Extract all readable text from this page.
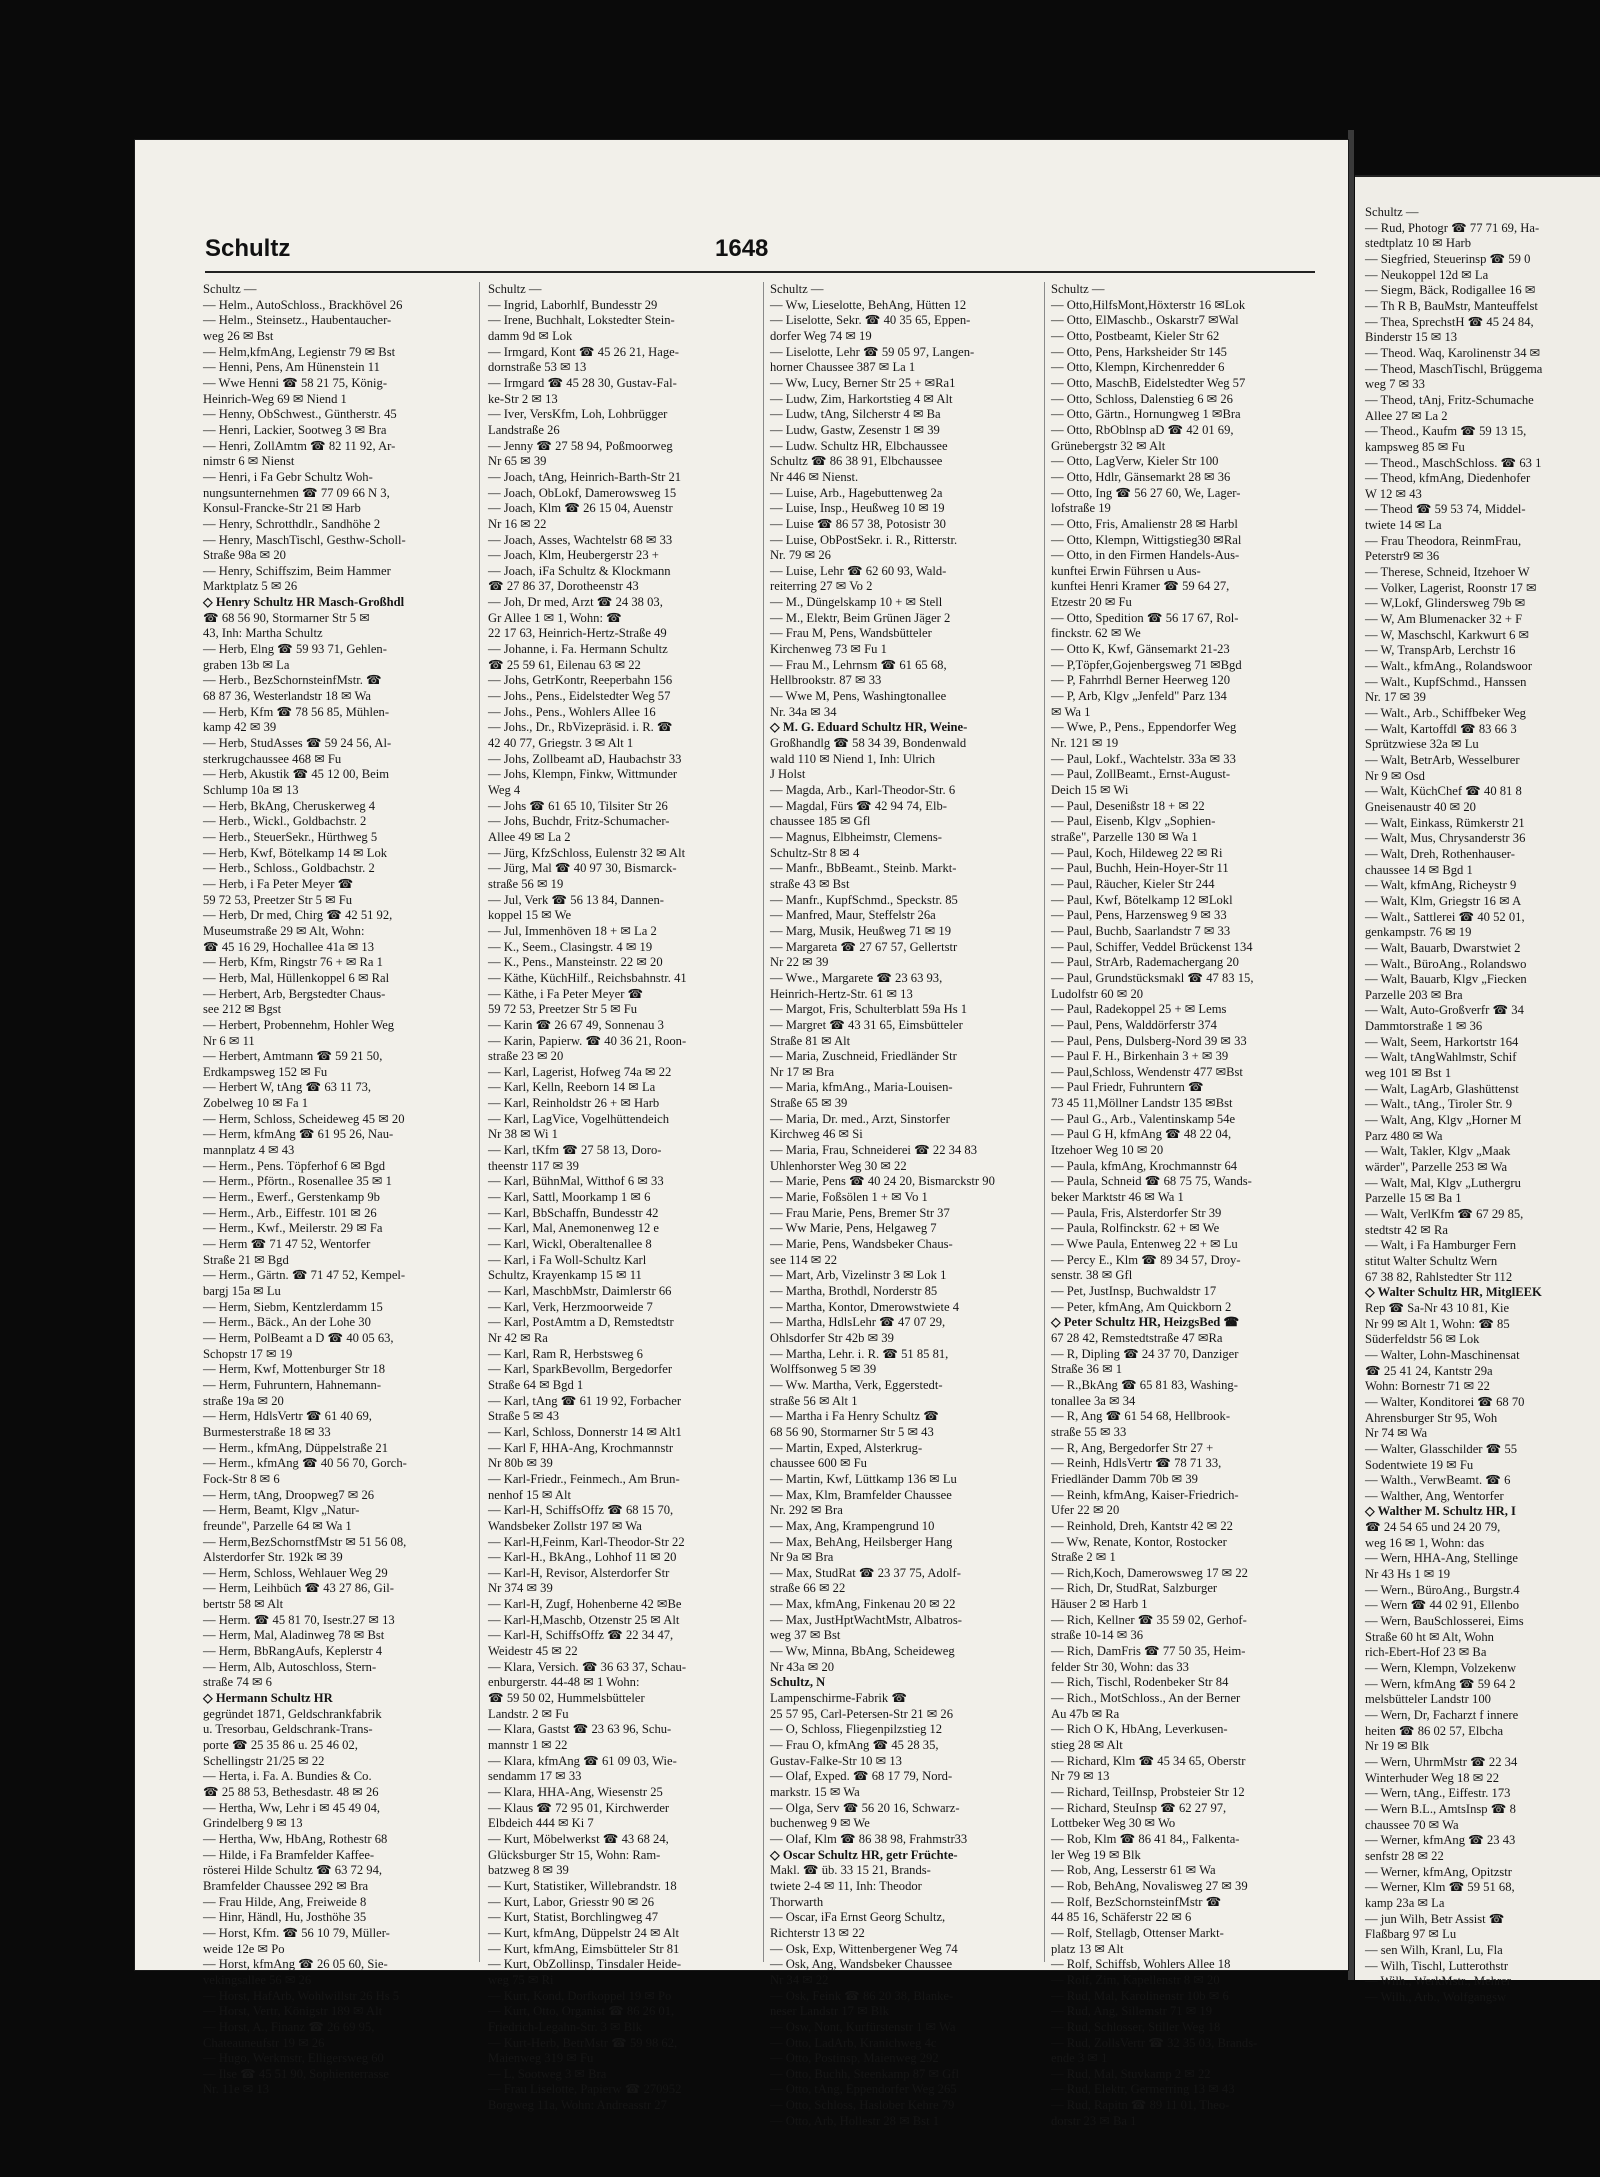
Schultz	1648
Schultz —
— Helm., AutoSchloss., Brackhövel 26
— Helm., Steinsetz., Haubentaucher-
weg 26 ✉ Bst
— Helm,kfmAng, Legienstr 79 ✉ Bst
— Henni, Pens, Am Hünenstein 11
— Wwe Henni ☎ 58 21 75, König-
Heinrich-Weg 69 ✉ Niend 1
— Henny, ObSchwest., Güntherstr. 45
— Henri, Lackier, Sootweg 3 ✉ Bra
— Henri, ZollAmtm ☎ 82 11 92, Ar-
nimstr 6 ✉ Nienst
— Henri, i Fa Gebr Schultz Woh-
nungsunternehmen ☎ 77 09 66 N 3,
Konsul-Francke-Str 21 ✉ Harb
— Henry, Schrotthdlr., Sandhöhe 2
— Henry, MaschTischl, Gesthw-Scholl-
Straße 98a ✉ 20
— Henry, Schiffszim, Beim Hammer
Marktplatz 5 ✉ 26
◇ Henry Schultz HR Masch-Großhdl
☎ 68 56 90, Stormarner Str 5 ✉
43, Inh: Martha Schultz
— Herb, Elng ☎ 59 93 71, Gehlen-
graben 13b ✉ La
— Herb., BezSchornsteinfMstr. ☎
68 87 36, Westerlandstr 18 ✉ Wa
— Herb, Kfm ☎ 78 56 85, Mühlen-
kamp 42 ✉ 39
— Herb, StudAsses ☎ 59 24 56, Al-
sterkrugchaussee 468 ✉ Fu
— Herb, Akustik ☎ 45 12 00, Beim
Schlump 10a ✉ 13
— Herb, BkAng, Cheruskerweg 4
— Herb., Wickl., Goldbachstr. 2
— Herb., SteuerSekr., Hürthweg 5
— Herb, Kwf, Bötelkamp 14 ✉ Lok
— Herb., Schloss., Goldbachstr. 2
— Herb, i Fa Peter Meyer ☎
59 72 53, Preetzer Str 5 ✉ Fu
— Herb, Dr med, Chirg ☎ 42 51 92,
Museumstraße 29 ✉ Alt, Wohn:
☎ 45 16 29, Hochallee 41a ✉ 13
— Herb, Kfm, Ringstr 76 + ✉ Ra 1
— Herb, Mal, Hüllenkoppel 6 ✉ Ral
— Herbert, Arb, Bergstedter Chaus-
see 212 ✉ Bgst
— Herbert, Probennehm, Hohler Weg
Nr 6 ✉ 11
— Herbert, Amtmann ☎ 59 21 50,
Erdkampsweg 152 ✉ Fu
— Herbert W, tAng ☎ 63 11 73,
Zobelweg 10 ✉ Fa 1
— Herm, Schloss, Scheideweg 45 ✉ 20
— Herm, kfmAng ☎ 61 95 26, Nau-
mannplatz 4 ✉ 43
— Herm., Pens. Töpferhof 6 ✉ Bgd
— Herm., Pförtn., Rosenallee 35 ✉ 1
— Herm., Ewerf., Gerstenkamp 9b
— Herm., Arb., Eiffestr. 101 ✉ 26
— Herm., Kwf., Meilerstr. 29 ✉ Fa
— Herm ☎ 71 47 52, Wentorfer
Straße 21 ✉ Bgd
— Herm., Gärtn. ☎ 71 47 52, Kempel-
bargj 15a ✉ Lu
— Herm, Siebm, Kentzlerdamm 15
— Herm., Bäck., An der Lohe 30
— Herm, PolBeamt a D ☎ 40 05 63,
Schopstr 17 ✉ 19
— Herm, Kwf, Mottenburger Str 18
— Herm, Fuhruntern, Hahnemann-
straße 19a ✉ 20
— Herm, HdlsVertr ☎ 61 40 69,
Burmesterstraße 18 ✉ 33
— Herm., kfmAng, Düppelstraße 21
— Herm., kfmAng ☎ 40 56 70, Gorch-
Fock-Str 8 ✉ 6
— Herm, tAng, Droopweg7 ✉ 26
— Herm, Beamt, Klgv „Natur-
freunde", Parzelle 64 ✉ Wa 1
— Herm,BezSchornstfMstr ✉ 51 56 08,
Alsterdorfer Str. 192k ✉ 39
— Herm, Schloss, Wehlauer Weg 29
— Herm, Leihbüch ☎ 43 27 86, Gil-
bertstr 58 ✉ Alt
— Herm. ☎ 45 81 70, Isestr.27 ✉ 13
— Herm, Mal, Aladinweg 78 ✉ Bst
— Herm, BbRangAufs, Keplerstr 4
— Herm, Alb, Autoschloss, Stern-
straße 74 ✉ 6
◇ Hermann Schultz HR
gegründet 1871, Geldschrankfabrik
u. Tresorbau, Geldschrank-Trans-
porte ☎ 25 35 86 u. 25 46 02,
Schellingstr 21/25 ✉ 22
— Herta, i. Fa. A. Bundies & Co.
☎ 25 88 53, Bethesdastr. 48 ✉ 26
— Hertha, Ww, Lehr i ✉ 45 49 04,
Grindelberg 9 ✉ 13
— Hertha, Ww, HbAng, Rothestr 68
— Hilde, i Fa Bramfelder Kaffee-
rösterei Hilde Schultz ☎ 63 72 94,
Bramfelder Chaussee 292 ✉ Bra
— Frau Hilde, Ang, Freiweide 8
— Hinr, Händl, Hu, Josthöhe 35
— Horst, Kfm. ☎ 56 10 79, Müller-
weide 12e ✉ Po
— Horst, kfmAng ☎ 26 05 60, Sie-
vekingsallee 56 ✉ 26
— Horst, HafArb, Wohlwillstr 26 Hs 5
— Horst, Vertr, Königstr 189 ✉ Alt
— Horst, A., Finanz ☎ 26 69 95,
Chateauneufstr 19 ✉ 26
— Hugo, Werkmstr, Elligersweg 60
— Ilse ☎ 45 51 90, Sophienterrasse
Nr. 11e ✉ 13
Schultz —
— Ingrid, Laborhlf, Bundesstr 29
— Irene, Buchhalt, Lokstedter Stein-
damm 9d ✉ Lok
— Irmgard, Kont ☎ 45 26 21, Hage-
dornstraße 53 ✉ 13
— Irmgard ☎ 45 28 30, Gustav-Fal-
ke-Str 2 ✉ 13
— Iver, VersKfm, Loh, Lohbrügger
Landstraße 26
— Jenny ☎ 27 58 94, Poßmoorweg
Nr 65 ✉ 39
— Joach, tAng, Heinrich-Barth-Str 21
— Joach, ObLokf, Damerowsweg 15
— Joach, Klm ☎ 26 15 04, Auenstr
Nr 16 ✉ 22
— Joach, Asses, Wachtelstr 68 ✉ 33
— Joach, Klm, Heubergerstr 23 +
— Joach, iFa Schultz & Klockmann
☎ 27 86 37, Dorotheenstr 43
— Joh, Dr med, Arzt ☎ 24 38 03,
Gr Allee 1 ✉ 1, Wohn: ☎
22 17 63, Heinrich-Hertz-Straße 49
— Johanne, i. Fa. Hermann Schultz
☎ 25 59 61, Eilenau 63 ✉ 22
— Johs, GetrKontr, Reeperbahn 156
— Johs., Pens., Eidelstedter Weg 57
— Johs., Pens., Wohlers Allee 16
— Johs., Dr., RbVizepräsid. i. R. ☎
42 40 77, Griegstr. 3 ✉ Alt 1
— Johs, Zollbeamt aD, Haubachstr 33
— Johs, Klempn, Finkw, Wittmunder
Weg 4
— Johs ☎ 61 65 10, Tilsiter Str 26
— Johs, Buchdr, Fritz-Schumacher-
Allee 49 ✉ La 2
— Jürg, KfzSchloss, Eulenstr 32 ✉ Alt
— Jürg, Mal ☎ 40 97 30, Bismarck-
straße 56 ✉ 19
— Jul, Verk ☎ 56 13 84, Dannen-
koppel 15 ✉ We
— Jul, Immenhöven 18 + ✉ La 2
— K., Seem., Clasingstr. 4 ✉ 19
— K., Pens., Mansteinstr. 22 ✉ 20
— Käthe, KüchHilf., Reichsbahnstr. 41
— Käthe, i Fa Peter Meyer ☎
59 72 53, Preetzer Str 5 ✉ Fu
— Karin ☎ 26 67 49, Sonnenau 3
— Karin, Papierw. ☎ 40 36 21, Roon-
straße 23 ✉ 20
— Karl, Lagerist, Hofweg 74a ✉ 22
— Karl, Kelln, Reeborn 14 ✉ La
— Karl, Reinholdstr 26 + ✉ Harb
— Karl, LagVice, Vogelhüttendeich
Nr 38 ✉ Wi 1
— Karl, tKfm ☎ 27 58 13, Doro-
theenstr 117 ✉ 39
— Karl, BühnMal, Witthof 6 ✉ 33
— Karl, Sattl, Moorkamp 1 ✉ 6
— Karl, BbSchaffn, Bundesstr 42
— Karl, Mal, Anemonenweg 12 e
— Karl, Wickl, Oberaltenallee 8
— Karl, i Fa Woll-Schultz Karl
Schultz, Krayenkamp 15 ✉ 11
— Karl, MaschbMstr, Daimlerstr 66
— Karl, Verk, Herzmoorweide 7
— Karl, PostAmtm a D, Remstedtstr
Nr 42 ✉ Ra
— Karl, Ram R, Herbstsweg 6
— Karl, SparkBevollm, Bergedorfer
Straße 64 ✉ Bgd 1
— Karl, tAng ☎ 61 19 92, Forbacher
Straße 5 ✉ 43
— Karl, Schloss, Donnerstr 14 ✉ Alt1
— Karl F, HHA-Ang, Krochmannstr
Nr 80b ✉ 39
— Karl-Friedr., Feinmech., Am Brun-
nenhof 15 ✉ Alt
— Karl-H, SchiffsOffz ☎ 68 15 70,
Wandsbeker Zollstr 197 ✉ Wa
— Karl-H,Feinm, Karl-Theodor-Str 22
— Karl-H., BkAng., Lohhof 11 ✉ 20
— Karl-H, Revisor, Alsterdorfer Str
Nr 374 ✉ 39
— Karl-H, Zugf, Hohenberne 42 ✉Be
— Karl-H,Maschb, Otzenstr 25 ✉ Alt
— Karl-H, SchiffsOffz ☎ 22 34 47,
Weidestr 45 ✉ 22
— Klara, Versich. ☎ 36 63 37, Schau-
enburgerstr. 44-48 ✉ 1 Wohn:
☎ 59 50 02, Hummelsbütteler
Landstr. 2 ✉ Fu
— Klara, Gastst ☎ 23 63 96, Schu-
mannstr 1 ✉ 22
— Klara, kfmAng ☎ 61 09 03, Wie-
sendamm 17 ✉ 33
— Klara, HHA-Ang, Wiesenstr 25
— Klaus ☎ 72 95 01, Kirchwerder
Elbdeich 444 ✉ Ki 7
— Kurt, Möbelwerkst ☎ 43 68 24,
Glücksburger Str 15, Wohn: Ram-
batzweg 8 ✉ 39
— Kurt, Statistiker, Willebrandstr. 18
— Kurt, Labor, Griesstr 90 ✉ 26
— Kurt, Statist, Borchlingweg 47
— Kurt, kfmAng, Düppelstr 24 ✉ Alt
— Kurt, kfmAng, Eimsbütteler Str 81
— Kurt, ObZollinsp, Tinsdaler Heide-
weg 75 ✉ Ri
— Kurt, Kond, Dorfkoppel 19 ✉ Po
— Kurt, Otto, Organist ☎ 86 26 01,
Friedrich-Legahn-Str. 3 ✉ Blk
— Kurt-Herb, BetrMstr ☎ 59 98 62,
Maienweg 319 ✉ Fu
— L, Sootweg 3 ✉ Bra
— Frau Liselotte, Papierw ☎ 270952
Borgweg 11a, Wohn: Andreasstr 27
Schultz —
— Ww, Lieselotte, BehAng, Hütten 12
— Liselotte, Sekr. ☎ 40 35 65, Eppen-
dorfer Weg 74 ✉ 19
— Liselotte, Lehr ☎ 59 05 97, Langen-
horner Chaussee 387 ✉ La 1
— Ww, Lucy, Berner Str 25 + ✉Ra1
— Ludw, Zim, Harkortstieg 4 ✉ Alt
— Ludw, tAng, Silcherstr 4 ✉ Ba
— Ludw, Gastw, Zesenstr 1 ✉ 39
— Ludw. Schultz HR, Elbchaussee
Schultz ☎ 86 38 91, Elbchaussee
Nr 446 ✉ Nienst.
— Luise, Arb., Hagebuttenweg 2a
— Luise, Insp., Heußweg 10 ✉ 19
— Luise ☎ 86 57 38, Potosistr 30
— Luise, ObPostSekr. i. R., Ritterstr.
Nr. 79 ✉ 26
— Luise, Lehr ☎ 62 60 93, Wald-
reiterring 27 ✉ Vo 2
— M., Düngelskamp 10 + ✉ Stell
— M., Elektr, Beim Grünen Jäger 2
— Frau M, Pens, Wandsbütteler
Kirchenweg 73 ✉ Fu 1
— Frau M., Lehrnsm ☎ 61 65 68,
Hellbrookstr. 87 ✉ 33
— Wwe M, Pens, Washingtonallee
Nr. 34a ✉ 34
◇ M. G. Eduard Schultz HR, Weine-
Großhandlg ☎ 58 34 39, Bondenwald
wald 110 ✉ Niend 1, Inh: Ulrich
J Holst
— Magda, Arb., Karl-Theodor-Str. 6
— Magdal, Fürs ☎ 42 94 74, Elb-
chaussee 185 ✉ Gfl
— Magnus, Elbheimstr, Clemens-
Schultz-Str 8 ✉ 4
— Manfr., BbBeamt., Steinb. Markt-
straße 43 ✉ Bst
— Manfr., KupfSchmd., Speckstr. 85
— Manfred, Maur, Steffelstr 26a
— Marg, Musik, Heußweg 71 ✉ 19
— Margareta ☎ 27 67 57, Gellertstr
Nr 22 ✉ 39
— Wwe., Margarete ☎ 23 63 93,
Heinrich-Hertz-Str. 61 ✉ 13
— Margot, Fris, Schulterblatt 59a Hs 1
— Margret ☎ 43 31 65, Eimsbütteler
Straße 81 ✉ Alt
— Maria, Zuschneid, Friedländer Str
Nr 17 ✉ Bra
— Maria, kfmAng., Maria-Louisen-
Straße 65 ✉ 39
— Maria, Dr. med., Arzt, Sinstorfer
Kirchweg 46 ✉ Si
— Maria, Frau, Schneiderei ☎ 22 34 83
Uhlenhorster Weg 30 ✉ 22
— Marie, Pens ☎ 40 24 20, Bismarckstr 90
— Marie, Foßsölen 1 + ✉ Vo 1
— Frau Marie, Pens, Bremer Str 37
— Ww Marie, Pens, Helgaweg 7
— Marie, Pens, Wandsbeker Chaus-
see 114 ✉ 22
— Mart, Arb, Vizelinstr 3 ✉ Lok 1
— Martha, Brothdl, Norderstr 85
— Martha, Kontor, Dmerowstwiete 4
— Martha, HdlsLehr ☎ 47 07 29,
Ohlsdorfer Str 42b ✉ 39
— Martha, Lehr. i. R. ☎ 51 85 81,
Wolffsonweg 5 ✉ 39
— Ww. Martha, Verk, Eggerstedt-
straße 56 ✉ Alt 1
— Martha i Fa Henry Schultz ☎
68 56 90, Stormarner Str 5 ✉ 43
— Martin, Exped, Alsterkrug-
chaussee 600 ✉ Fu
— Martin, Kwf, Lüttkamp 136 ✉ Lu
— Max, Klm, Bramfelder Chaussee
Nr. 292 ✉ Bra
— Max, Ang, Krampengrund 10
— Max, BehAng, Heilsberger Hang
Nr 9a ✉ Bra
— Max, StudRat ☎ 23 37 75, Adolf-
straße 66 ✉ 22
— Max, kfmAng, Finkenau 20 ✉ 22
— Max, JustHptWachtMstr, Albatros-
weg 37 ✉ Bst
— Ww, Minna, BbAng, Scheideweg
Nr 43a ✉ 20
Schultz, N
Lampenschirme-Fabrik ☎
25 57 95, Carl-Petersen-Str 21 ✉ 26
— O, Schloss, Fliegenpilzstieg 12
— Frau O, kfmAng ☎ 45 28 35,
Gustav-Falke-Str 10 ✉ 13
— Olaf, Exped. ☎ 68 17 79, Nord-
markstr. 15 ✉ Wa
— Olga, Serv ☎ 56 20 16, Schwarz-
buchenweg 9 ✉ We
— Olaf, Klm ☎ 86 38 98, Frahmstr33
◇ Oscar Schultz HR, getr Früchte-
Makl. ☎ üb. 33 15 21, Brands-
twiete 2-4 ✉ 11, Inh: Theodor
Thorwarth
— Oscar, iFa Ernst Georg Schultz,
Richterstr 13 ✉ 22
— Osk, Exp, Wittenbergener Weg 74
— Osk, Ang, Wandsbeker Chaussee
Nr 34 ✉ 22
— Osk, Feink ☎ 86 20 38, Blanke-
neser Landstr 17 ✉ Blk
— Osw, Nont, Kurfürstenstr 1 ✉ Wa
— Otto, LadArb, Kranichweg 4c
— Otto, Postinsp, Maienweg 292
— Otto, Buchh, Steenkamp 87 ✉ Gfl
— Otto, tAng, Eppendorfer Weg 265
— Otto, Schloss, Haslober Kehre 79
— Otto, Arb, Hollestr 28 ✉ Bst 1
Schultz —
— Otto,HilfsMont,Höxterstr 16 ✉Lok
— Otto, ElMaschb., Oskarstr7 ✉Wal
— Otto, Postbeamt, Kieler Str 62
— Otto, Pens, Harksheider Str 145
— Otto, Klempn, Kirchenredder 6
— Otto, MaschB, Eidelstedter Weg 57
— Otto, Schloss, Dalenstieg 6 ✉ 26
— Otto, Gärtn., Hornungweg 1 ✉Bra
— Otto, RbOblnsp aD ☎ 42 01 69,
Grünebergstr 32 ✉ Alt
— Otto, LagVerw, Kieler Str 100
— Otto, Hdlr, Gänsemarkt 28 ✉ 36
— Otto, Ing ☎ 56 27 60, We, Lager-
lofstraße 19
— Otto, Fris, Amalienstr 28 ✉ Harbl
— Otto, Klempn, Wittigstieg30 ✉Ral
— Otto, in den Firmen Handels-Aus-
kunftei Erwin Führsen u Aus-
kunftei Henri Kramer ☎ 59 64 27,
Etzestr 20 ✉ Fu
— Otto, Spedition ☎ 56 17 67, Rol-
finckstr. 62 ✉ We
— Otto K, Kwf, Gänsemarkt 21-23
— P,Töpfer,Gojenbergsweg 71 ✉Bgd
— P, Fahrrhdl Berner Heerweg 120
— P, Arb, Klgv „Jenfeld" Parz 134
✉ Wa 1
— Wwe, P., Pens., Eppendorfer Weg
Nr. 121 ✉ 19
— Paul, Lokf., Wachtelstr. 33a ✉ 33
— Paul, ZollBeamt., Ernst-August-
Deich 15 ✉ Wi
— Paul, Desenißstr 18 + ✉ 22
— Paul, Eisenb, Klgv „Sophien-
straße", Parzelle 130 ✉ Wa 1
— Paul, Koch, Hildeweg 22 ✉ Ri
— Paul, Buchh, Hein-Hoyer-Str 11
— Paul, Räucher, Kieler Str 244
— Paul, Kwf, Bötelkamp 12 ✉Lokl
— Paul, Pens, Harzensweg 9 ✉ 33
— Paul, Buchb, Saarlandstr 7 ✉ 33
— Paul, Schiffer, Veddel Brückenst 134
— Paul, StrArb, Rademachergang 20
— Paul, Grundstücksmakl ☎ 47 83 15,
Ludolfstr 60 ✉ 20
— Paul, Radekoppel 25 + ✉ Lems
— Paul, Pens, Walddörferstr 374
— Paul, Pens, Dulsberg-Nord 39 ✉ 33
— Paul F. H., Birkenhain 3 + ✉ 39
— Paul,Schloss, Wendenstr 477 ✉Bst
— Paul Friedr, Fuhruntern ☎
73 45 11,Möllner Landstr 135 ✉Bst
— Paul G., Arb., Valentinskamp 54e
— Paul G H, kfmAng ☎ 48 22 04,
Itzehoer Weg 10 ✉ 20
— Paula, kfmAng, Krochmannstr 64
— Paula, Schneid ☎ 68 75 75, Wands-
beker Marktstr 46 ✉ Wa 1
— Paula, Fris, Alsterdorfer Str 39
— Paula, Rolfinckstr. 62 + ✉ We
— Wwe Paula, Entenweg 22 + ✉ Lu
— Percy E., Klm ☎ 89 34 57, Droy-
senstr. 38 ✉ Gfl
— Pet, JustInsp, Buchwaldstr 17
— Peter, kfmAng, Am Quickborn 2
◇ Peter Schultz HR, HeizgsBed ☎
67 28 42, Remstedtstraße 47 ✉Ra
— R, Dipling ☎ 24 37 70, Danziger
Straße 36 ✉ 1
— R.,BkAng ☎ 65 81 83, Washing-
tonallee 3a ✉ 34
— R, Ang ☎ 61 54 68, Hellbrook-
straße 55 ✉ 33
— R, Ang, Bergedorfer Str 27 +
— Reinh, HdlsVertr ☎ 78 71 33,
Friedländer Damm 70b ✉ 39
— Reinh, kfmAng, Kaiser-Friedrich-
Ufer 22 ✉ 20
— Reinhold, Dreh, Kantstr 42 ✉ 22
— Ww, Renate, Kontor, Rostocker
Straße 2 ✉ 1
— Rich,Koch, Damerowsweg 17 ✉ 22
— Rich, Dr, StudRat, Salzburger
Häuser 2 ✉ Harb 1
— Rich, Kellner ☎ 35 59 02, Gerhof-
straße 10-14 ✉ 36
— Rich, DamFris ☎ 77 50 35, Heim-
felder Str 30, Wohn: das 33
— Rich, Tischl, Rodenbeker Str 84
— Rich., MotSchloss., An der Berner
Au 47b ✉ Ra
— Rich O K, HbAng, Leverkusen-
stieg 28 ✉ Alt
— Richard, Klm ☎ 45 34 65, Oberstr
Nr 79 ✉ 13
— Richard, TeilInsp, Probsteier Str 12
— Richard, SteuInsp ☎ 62 27 97,
Lottbeker Weg 30 ✉ Wo
— Rob, Klm ☎ 86 41 84,, Falkenta-
ler Weg 19 ✉ Blk
— Rob, Ang, Lesserstr 61 ✉ Wa
— Rob, BehAng, Novalisweg 27 ✉ 39
— Rolf, BezSchornsteinfMstr ☎
44 85 16, Schäferstr 22 ✉ 6
— Rolf, Stellagb, Ottenser Markt-
platz 13 ✉ Alt
— Rolf, Schiffsb, Wohlers Allee 18
— Rolf, Zim, Kapellenstr 8 ✉ 20
— Rud, Mal, Karolinenstr 10b ✉ 6
— Rud, Ang, Sillemstr 71 ✉ 19
— Rud, Schlosser, Stiller Weg 18
— Rud, ZollsVertr ☎ 32 35 03, Brands-
ende 3 ✉ 1
— Rud, Mal, Stuvkamp 2 ✉ 22
— Rud, Elektr, Germerring 13 ✉ 43
— Rud, Rapitn ☎ 89 11 01, Theo-
dorstr 23 ✉ Ba 1
Schultz —
— Rud, Photogr ☎ 77 71 69, Ha-
stedtplatz 10 ✉ Harb
— Siegfried, Steuerinsp ☎ 59 0
— Neukoppel 12d ✉ La
— Siegm, Bäck, Rodigallee 16 ✉
— Th R B, BauMstr, Manteuffelst
— Thea, SprechstH ☎ 45 24 84,
Binderstr 15 ✉ 13
— Theod. Waq, Karolinenstr 34 ✉
— Theod, MaschTischl, Brüggema
weg 7 ✉ 33
— Theod, tAnj, Fritz-Schumache
Allee 27 ✉ La 2
— Theod., Kaufm ☎ 59 13 15,
kampsweg 85 ✉ Fu
— Theod., MaschSchloss. ☎ 63 1
— Theod, kfmAng, Diedenhofer
W 12 ✉ 43
— Theod ☎ 59 53 74, Middel-
twiete 14 ✉ La
— Frau Theodora, ReinmFrau,
Peterstr9 ✉ 36
— Therese, Schneid, Itzehoer W
— Volker, Lagerist, Roonstr 17 ✉
— W,Lokf, Glindersweg 79b ✉
— W, Am Blumenacker 32 + F
— W, Maschschl, Karkwurt 6 ✉
— W, TranspArb, Lerchstr 16
— Walt., kfmAng., Rolandswoor
— Walt., KupfSchmd., Hanssen
Nr. 17 ✉ 39
— Walt., Arb., Schiffbeker Weg
— Walt, Kartoffdl ☎ 83 66 3
Sprützwiese 32a ✉ Lu
— Walt, BetrArb, Wesselburer
Nr 9 ✉ Osd
— Walt, KüchChef ☎ 40 81 8
Gneisenaustr 40 ✉ 20
— Walt, Einkass, Rümkerstr 21
— Walt, Mus, Chrysanderstr 36
— Walt, Dreh, Rothenhauser-
chaussee 14 ✉ Bgd 1
— Walt, kfmAng, Richeystr 9
— Walt, Klm, Griegstr 16 ✉ A
— Walt., Sattlerei ☎ 40 52 01,
genkampstr. 76 ✉ 19
— Walt, Bauarb, Dwarstwiet 2
— Walt., BüroAng., Rolandswo
— Walt, Bauarb, Klgv „Fiecken
Parzelle 203 ✉ Bra
— Walt, Auto-Großverfr ☎ 34
Dammtorstraße 1 ✉ 36
— Walt, Seem, Harkortstr 164
— Walt, tAngWahlmstr, Schif
weg 101 ✉ Bst 1
— Walt, LagArb, Glashüttenst
— Walt., tAng., Tiroler Str. 9
— Walt, Ang, Klgv „Horner M
Parz 480 ✉ Wa
— Walt, Takler, Klgv „Maak
wärder", Parzelle 253 ✉ Wa
— Walt, Mal, Klgv „Luthergru
Parzelle 15 ✉ Ba 1
— Walt, VerlKfm ☎ 67 29 85,
stedtstr 42 ✉ Ra
— Walt, i Fa Hamburger Fern
stitut Walter Schultz Wern
67 38 82, Rahlstedter Str 112
◇ Walter Schultz HR, MitglEEK
Rep ☎ Sa-Nr 43 10 81, Kie
Nr 99 ✉ Alt 1, Wohn: ☎ 85
Süderfeldstr 56 ✉ Lok
— Walter, Lohn-Maschinensat
☎ 25 41 24, Kantstr 29a
Wohn: Bornestr 71 ✉ 22
— Walter, Konditorei ☎ 68 70
Ahrensburger Str 95, Woh
Nr 74 ✉ Wa
— Walter, Glasschilder ☎ 55
Sodentwiete 19 ✉ Fu
— Walth., VerwBeamt. ☎ 6
— Walther, Ang, Wentorfer
◇ Walther M. Schultz HR, I
☎ 24 54 65 und 24 20 79,
weg 16 ✉ 1, Wohn: das
— Wern, HHA-Ang, Stellinge
Nr 43 Hs 1 ✉ 19
— Wern., BüroAng., Burgstr.4
— Wern ☎ 44 02 91, Ellenbo
— Wern, BauSchlosserei, Eims
Straße 60 ht ✉ Alt, Wohn
rich-Ebert-Hof 23 ✉ Ba
— Wern, Klempn, Volzekenw
— Wern, kfmAng ☎ 59 64 2
melsbütteler Landstr 100
— Wern, Dr, Facharzt f innere
heiten ☎ 86 02 57, Elbcha
Nr 19 ✉ Blk
— Wern, UhrmMstr ☎ 22 34
Winterhuder Weg 18 ✉ 22
— Wern, tAng., Eiffestr. 173
— Wern B.L., AmtsInsp ☎ 8
chaussee 70 ✉ Wa
— Werner, kfmAng ☎ 23 43
senfstr 28 ✉ 22
— Werner, kfmAng, Opitzstr
— Werner, Klm ☎ 59 51 68,
kamp 23a ✉ La
— jun Wilh, Betr Assist ☎
Flaßbarg 97 ✉ Lu
— sen Wilh, Kranl, Lu, Fla
— Wilh, Tischl, Lutterothstr
— Wilh., WerkMstr., Mehrer
— Wilh., Arb., Wolfgangsw
